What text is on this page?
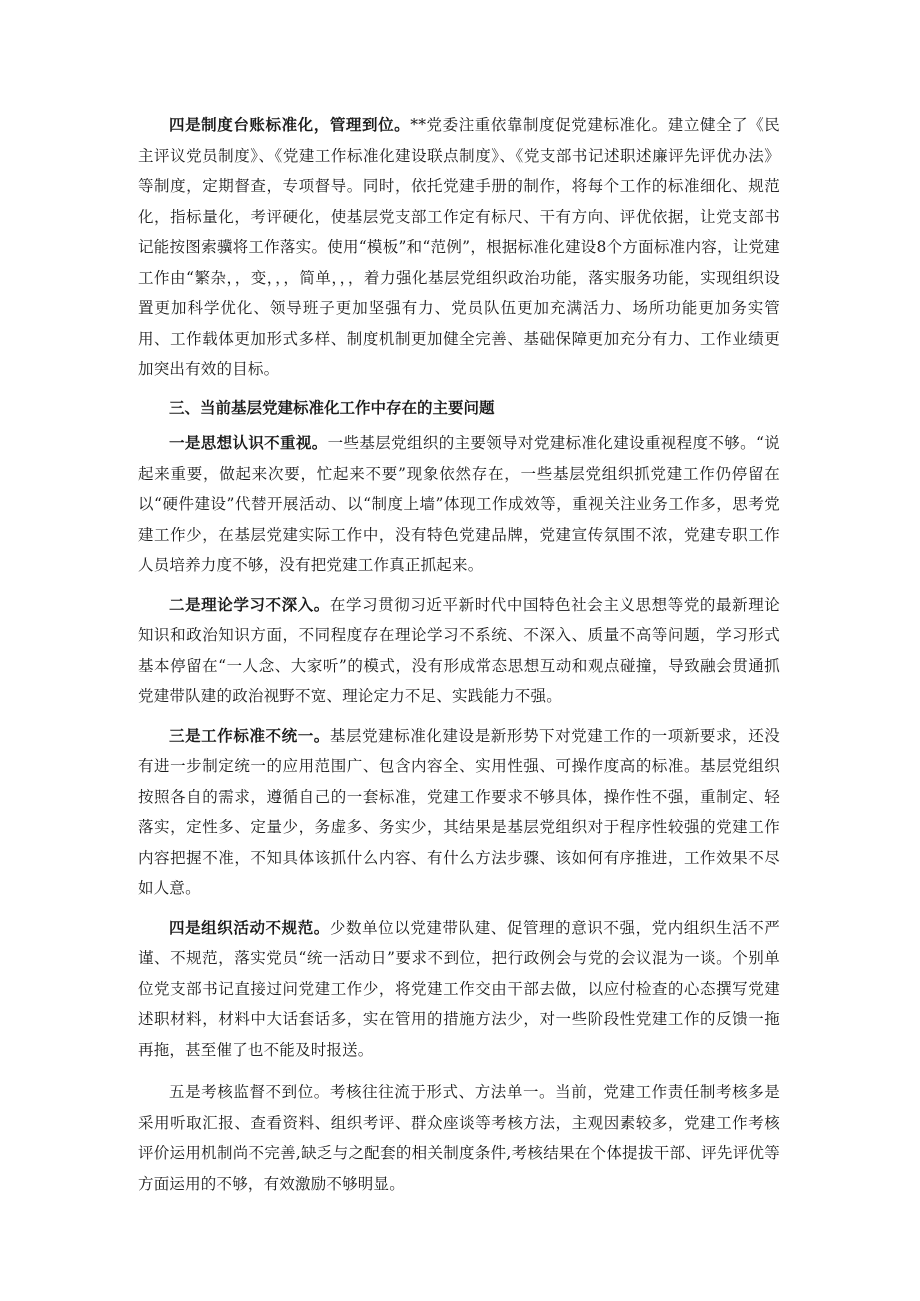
四是制度台账标准化，管理到位。**党委注重依靠制度促党建标准化。建立健全了《民主评议党员制度》、《党建工作标准化建设联点制度》、《党支部书记述职述廉评先评优办法》等制度，定期督查，专项督导。同时，依托党建手册的制作，将每个工作的标准细化、规范化，指标量化，考评硬化，使基层党支部工作定有标尺、干有方向、评优依据，让党支部书记能按图索骥将工作落实。使用“模板”和“范例”，根据标准化建设8个方面标准内容，让党建工作由“繁杂，，变，，，简单，，，着力强化基层党组织政治功能，落实服务功能，实现组织设置更加科学优化、领导班子更加坚强有力、党员队伍更加充满活力、场所功能更加务实管用、工作载体更加形式多样、制度机制更加健全完善、基础保障更加充分有力、工作业绩更加突出有效的目标。

三、当前基层党建标准化工作中存在的主要问题

一是思想认识不重视。一些基层党组织的主要领导对党建标准化建设重视程度不够。“说起来重要，做起来次要，忙起来不要”现象依然存在，一些基层党组织抓党建工作仍停留在以“硬件建设”代替开展活动、以“制度上墙”体现工作成效等，重视关注业务工作多，思考党建工作少，在基层党建实际工作中，没有特色党建品牌，党建宣传氛围不浓，党建专职工作人员培养力度不够，没有把党建工作真正抓起来。

二是理论学习不深入。在学习贯彻习近平新时代中国特色社会主义思想等党的最新理论知识和政治知识方面，不同程度存在理论学习不系统、不深入、质量不高等问题，学习形式基本停留在“一人念、大家听”的模式，没有形成常态思想互动和观点碰撞，导致融会贯通抓党建带队建的政治视野不宽、理论定力不足、实践能力不强。

三是工作标准不统一。基层党建标准化建设是新形势下对党建工作的一项新要求，还没有进一步制定统一的应用范围广、包含内容全、实用性强、可操作度高的标准。基层党组织按照各自的需求，遵循自己的一套标准，党建工作要求不够具体，操作性不强，重制定、轻落实，定性多、定量少，务虚多、务实少，其结果是基层党组织对于程序性较强的党建工作内容把握不准，不知具体该抓什么内容、有什么方法步骤、该如何有序推进，工作效果不尽如人意。

四是组织活动不规范。少数单位以党建带队建、促管理的意识不强，党内组织生活不严谨、不规范，落实党员“统一活动日”要求不到位，把行政例会与党的会议混为一谈。个别单位党支部书记直接过问党建工作少，将党建工作交由干部去做，以应付检查的心态撰写党建述职材料，材料中大话套话多，实在管用的措施方法少，对一些阶段性党建工作的反馈一拖再拖，甚至催了也不能及时报送。

五是考核监督不到位。考核往往流于形式、方法单一。当前，党建工作责任制考核多是采用听取汇报、查看资料、组织考评、群众座谈等考核方法，主观因素较多，党建工作考核评价运用机制尚不完善,缺乏与之配套的相关制度条件,考核结果在个体提拔干部、评先评优等方面运用的不够，有效激励不够明显。
